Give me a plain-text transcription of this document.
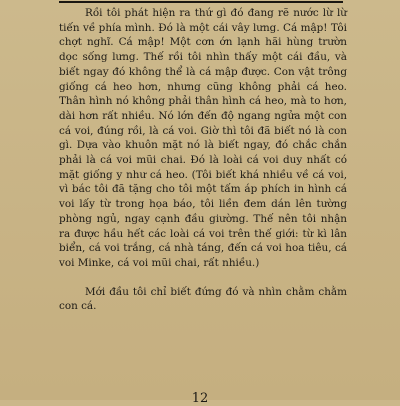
Rồi tôi phát hiện ra thứ gì đó đang rẽ nước lừ lừ tiến về phía mình. Đó là một cái vây lưng. Cá mập! Tôi chợt nghĩ. Cá mập! Một cơn ớn lạnh hãi hùng trườn dọc sống lưng. Thế rồi tôi nhìn thấy một cái đầu, và biết ngay đó không thể là cá mập được. Con vật trông giống cá heo hơn, nhưng cũng không phải cá heo. Thân hình nó không phải thân hình cá heo, mà to hơn, dài hơn rất nhiều. Nó lớn đến độ ngang ngửa một con cá voi, đúng rồi, là cá voi. Giờ thì tôi đã biết nó là con gì. Dựa vào khuôn mặt nó là biết ngay, đó chắc chắn phải là cá voi mũi chai. Đó là loài cá voi duy nhất có mặt giống y như cá heo. (Tôi biết khá nhiều về cá voi, vì bác tôi đã tặng cho tôi một tấm áp phích in hình cá voi lấy từ trong họa báo, tôi liền đem dán lên tường phòng ngủ, ngay cạnh đầu giường. Thế nên tôi nhận ra được hầu hết các loài cá voi trên thế giới: từ kì lân biển, cá voi trắng, cá nhà táng, đến cá voi hoa tiêu, cá voi Minke, cá voi mũi chai, rất nhiều.)

Mới đầu tôi chỉ biết đứng đó và nhìn chằm chằm con cá.

12
